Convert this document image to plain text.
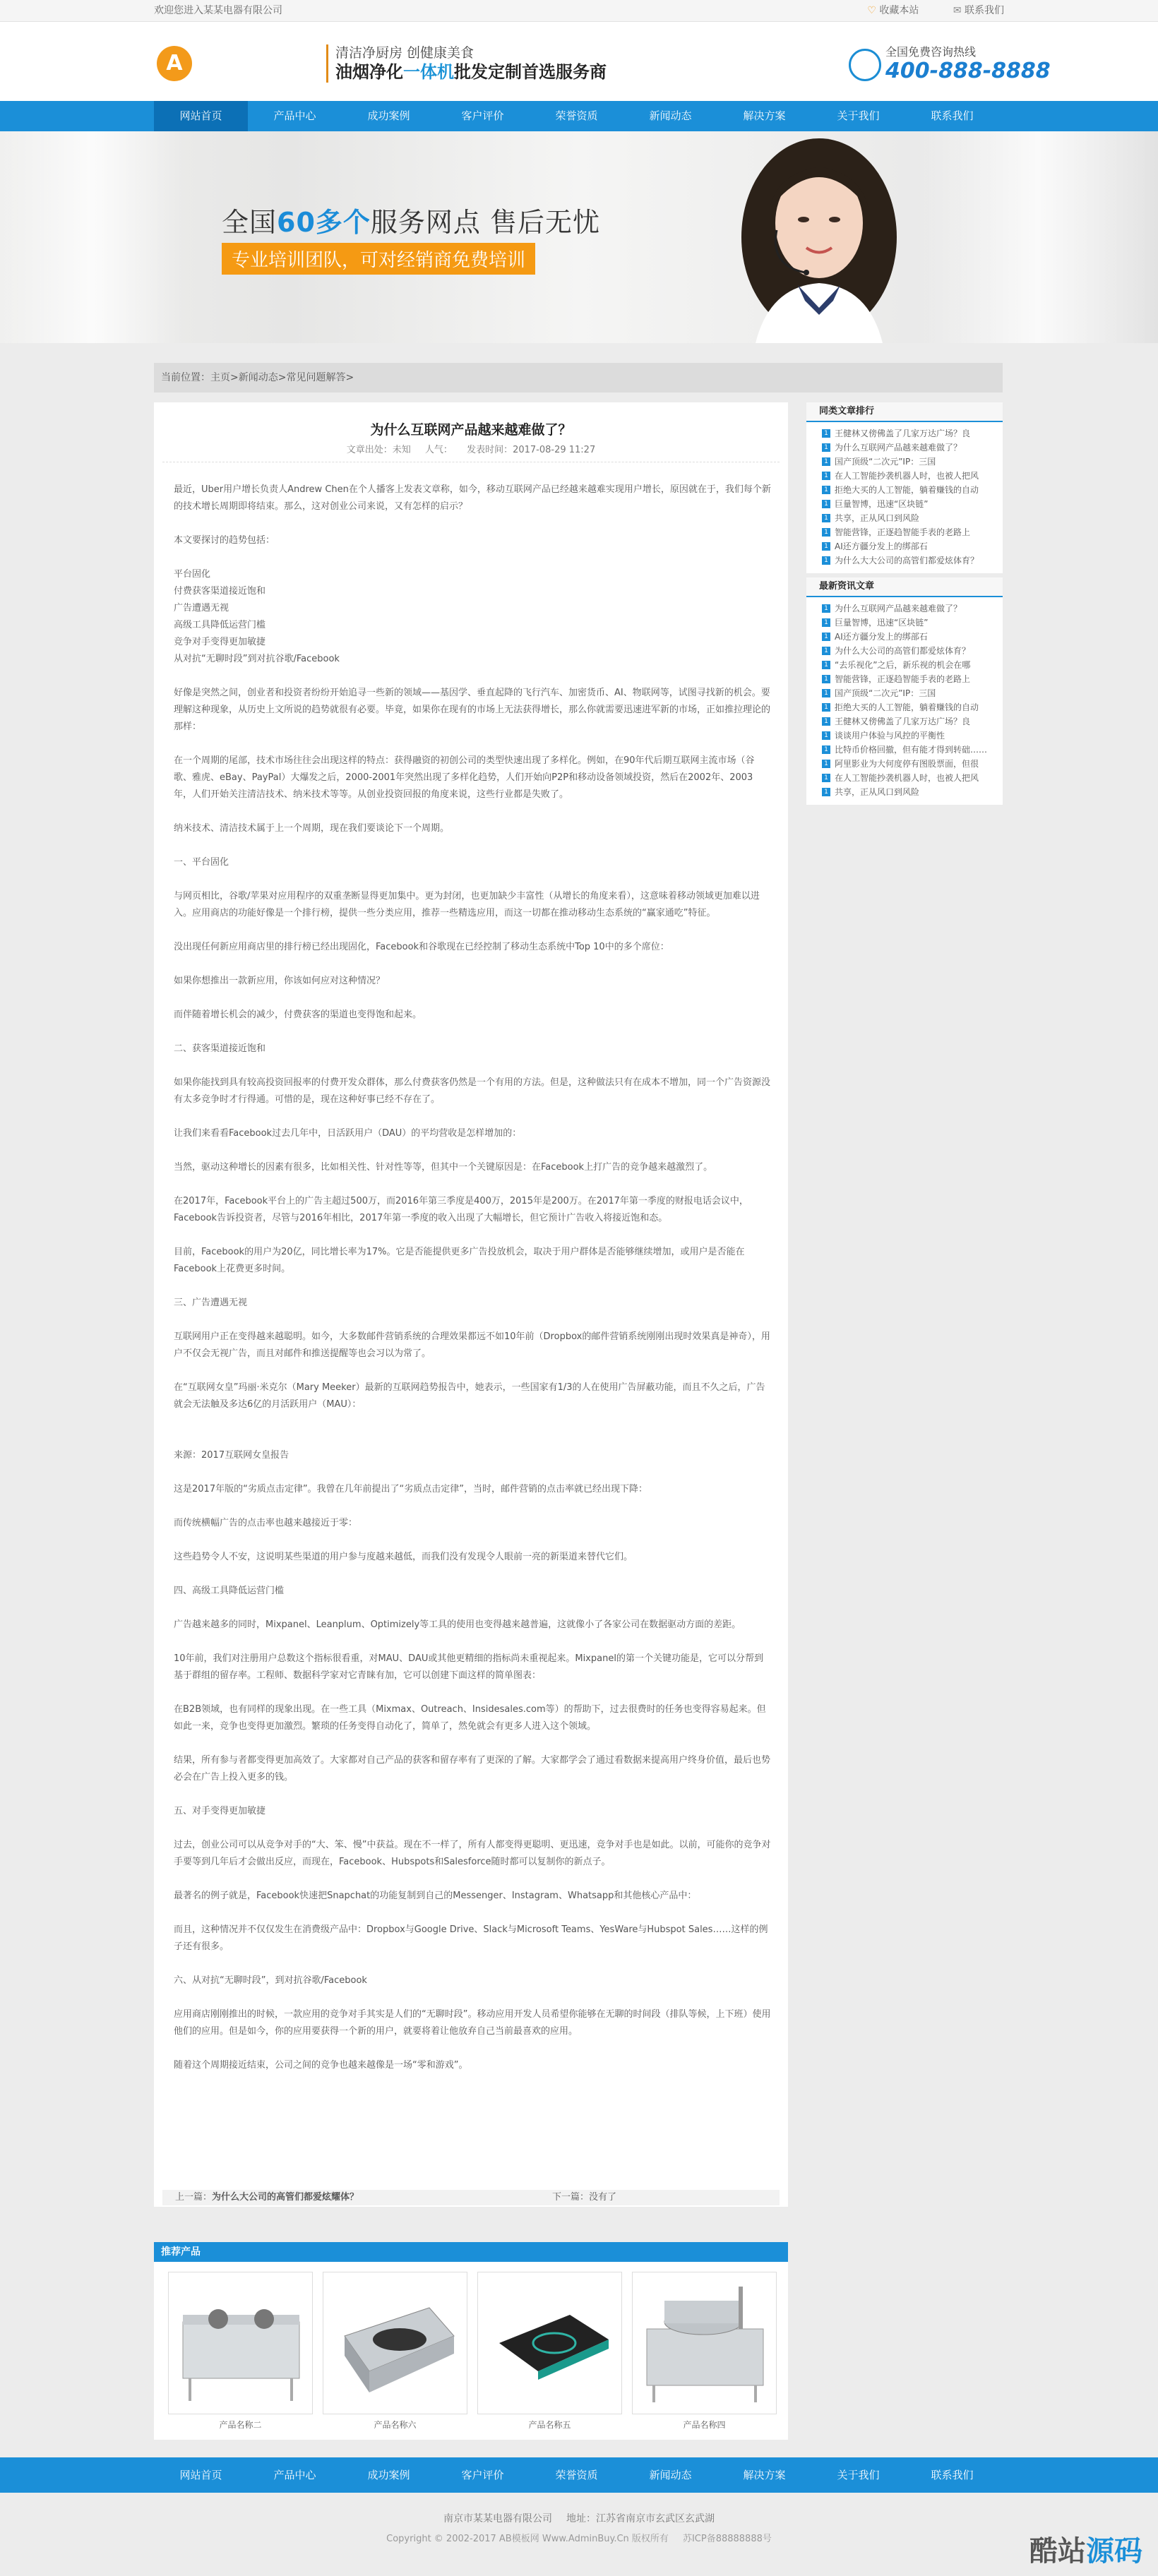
欢迎您进入某某电器有限公司	♡ 收藏本站	✉ 联系我们
A	清洁净厨房 创健康美食
油烟净化一体机批发定制首选服务商
全国免费咨询热线
400-888-8888
网站首页	产品中心	成功案例	客户评价	荣誉资质	新闻动态	解决方案	关于我们	联系我们
全国60多个服务网点 售后无忧
专业培训团队，可对经销商免费培训
当前位置：主页>新闻动态>常见问题解答>
为什么互联网产品越来越难做了？
文章出处：未知 人气： 发表时间：2017-08-29 11:27

最近，Uber用户增长负责人Andrew Chen在个人播客上发表文章称，如今，移动互联网产品已经越来越难实现用户增长，原因就在于，我们每个新的技术增长周期即将结束。那么，这对创业公司来说，又有怎样的启示？

本文要探讨的趋势包括：

平台固化

付费获客渠道接近饱和

广告遭遇无视

高级工具降低运营门槛

竞争对手变得更加敏捷

从对抗“无聊时段”到对抗谷歌/Facebook

好像是突然之间，创业者和投资者纷纷开始追寻一些新的领域——基因学、垂直起降的飞行汽车、加密货币、AI、物联网等，试图寻找新的机会。要理解这种现象，从历史上文所说的趋势就很有必要。毕竟，如果你在现有的市场上无法获得增长，那么你就需要迅速进军新的市场，正如推拉理论的那样：

在一个周期的尾部，技术市场往往会出现这样的特点：获得融资的初创公司的类型快速出现了多样化。例如，在90年代后期互联网主流市场（谷歌、雅虎、eBay、PayPal）大爆发之后，2000-2001年突然出现了多样化趋势，人们开始向P2P和移动设备领域投资，然后在2002年、2003年，人们开始关注清洁技术、纳米技术等等。从创业投资回报的角度来说，这些行业都是失败了。

纳米技术、清洁技术属于上一个周期，现在我们要谈论下一个周期。

一、平台固化

与网页相比，谷歌/苹果对应用程序的双重垄断显得更加集中。更为封闭，也更加缺少丰富性（从增长的角度来看），这意味着移动领域更加难以进入。应用商店的功能好像是一个排行榜，提供一些分类应用，推荐一些精选应用，而这一切都在推动移动生态系统的“赢家通吃”特征。

没出现任何新应用商店里的排行榜已经出现固化，Facebook和谷歌现在已经控制了移动生态系统中Top 10中的多个席位：

如果你想推出一款新应用，你该如何应对这种情况？

而伴随着增长机会的减少，付费获客的渠道也变得饱和起来。

二、获客渠道接近饱和

如果你能找到具有较高投资回报率的付费开发众群体，那么付费获客仍然是一个有用的方法。但是，这种做法只有在成本不增加，同一个广告资源没有太多竞争时才行得通。可惜的是，现在这种好事已经不存在了。

让我们来看看Facebook过去几年中，日活跃用户（DAU）的平均营收是怎样增加的：

当然，驱动这种增长的因素有很多，比如相关性、针对性等等，但其中一个关键原因是：在Facebook上打广告的竞争越来越激烈了。

在2017年，Facebook平台上的广告主超过500万，而2016年第三季度是400万，2015年是200万。在2017年第一季度的财报电话会议中，Facebook告诉投资者，尽管与2016年相比，2017年第一季度的收入出现了大幅增长，但它预计广告收入将接近饱和态。

目前，Facebook的用户为20亿，同比增长率为17%。它是否能提供更多广告投放机会，取决于用户群体是否能够继续增加，或用户是否能在Facebook上花费更多时间。

三、广告遭遇无视

互联网用户正在变得越来越聪明。如今，大多数邮件营销系统的合理效果都远不如10年前（Dropbox的邮件营销系统刚刚出现时效果真是神奇），用户不仅会无视广告，而且对邮件和推送提醒等也会习以为常了。

在“互联网女皇”玛丽·米克尔（Mary Meeker）最新的互联网趋势报告中，她表示，一些国家有1/3的人在使用广告屏蔽功能，而且不久之后，广告就会无法触及多达6亿的月活跃用户（MAU）：

来源：2017互联网女皇报告

这是2017年版的“劣质点击定律”。我曾在几年前提出了“劣质点击定律”，当时，邮件营销的点击率就已经出现下降：

而传统横幅广告的点击率也越来越接近于零：

这些趋势令人不安，这说明某些渠道的用户参与度越来越低，而我们没有发现令人眼前一亮的新渠道来替代它们。

四、高级工具降低运营门槛

广告越来越多的同时，Mixpanel、Leanplum、Optimizely等工具的使用也变得越来越普遍，这就像小了各家公司在数据驱动方面的差距。

10年前，我们对注册用户总数这个指标很看重，对MAU、DAU或其他更精细的指标尚未重视起来。Mixpanel的第一个关键功能是，它可以分帮到基于群组的留存率。工程师、数据科学家对它青睐有加，它可以创建下面这样的简单图表：

在B2B领域，也有同样的现象出现。在一些工具（Mixmax、Outreach、Insidesales.com等）的帮助下，过去很费时的任务也变得容易起来。但如此一来，竞争也变得更加激烈。繁琐的任务变得自动化了，简单了，然免就会有更多人进入这个领域。

结果，所有参与者都变得更加高效了。大家都对自己产品的获客和留存率有了更深的了解。大家都学会了通过看数据来提高用户终身价值，最后也势必会在广告上投入更多的钱。

五、对手变得更加敏捷

过去，创业公司可以从竞争对手的“大、笨、慢”中获益。现在不一样了，所有人都变得更聪明、更迅速，竞争对手也是如此。以前，可能你的竞争对手要等到几年后才会做出反应，而现在，Facebook、Hubspots和Salesforce随时都可以复制你的新点子。

最著名的例子就是，Facebook快速把Snapchat的功能复制到自己的Messenger、Instagram、Whatsapp和其他核心产品中：

而且，这种情况并不仅仅发生在消费级产品中：Dropbox与Google Drive、Slack与Microsoft Teams、YesWare与Hubspot Sales……这样的例子还有很多。

六、从对抗“无聊时段”，到对抗谷歌/Facebook

应用商店刚刚推出的时候，一款应用的竞争对手其实是人们的“无聊时段”。移动应用开发人员希望你能够在无聊的时间段（排队等候，上下班）使用他们的应用。但是如今，你的应用要获得一个新的用户，就要将着让他放弃自己当前最喜欢的应用。

随着这个周期接近结束，公司之间的竞争也越来越像是一场“零和游戏”。

上一篇：为什么大公司的高管们都爱炫耀体？	下一篇：没有了
推荐产品
产品名称二	产品名称六	产品名称五	产品名称四
同类文章排行
1 王健林又傍佛盖了几家万达广场？良
1 为什么互联网产品越来越难做了？
1 国产顶级“二次元”IP：三国
1 在人工智能抄袭机器人时，也被人把风
1 拒绝大买的人工智能，躺着赚钱的自动
1 巨量智博，迅速“区块链”
1 共享，正从风口到风险
1 智能营锋，正逐趋智能手表的老路上
1 AI还方疆分发上的绑部石
1 为什么大大公司的高管们都爱炫体育？
最新资讯文章
1 为什么互联网产品越来越难做了？
1 巨量智博，迅速“区块链”
1 AI还方疆分发上的绑部石
1 为什么大公司的高管们都爱炫体育？
1 “去乐视化”之后，新乐视的机会在哪
1 智能营锋，正逐趋智能手表的老路上
1 国产顶级“二次元”IP：三国
1 拒绝大买的人工智能，躺着赚钱的自动
1 王健林又傍佛盖了几家万达广场？良
1 谈谈用户体验与风控的平衡性
1 比特币价格回撤，但有能才得到转础……
1 阿里影业为大何度停有图股票面，但很
1 在人工智能抄袭机器人时，也被人把风
1 共享，正从风口到风险
网站首页	产品中心	成功案例	客户评价	荣誉资质	新闻动态	解决方案	关于我们	联系我们
南京市某某电器有限公司 地址：江苏省南京市玄武区玄武湖
Copyright © 2002-2017 AB模板网 Www.AdminBuy.Cn 版权所有 苏ICP备88888888号	酷站源码
